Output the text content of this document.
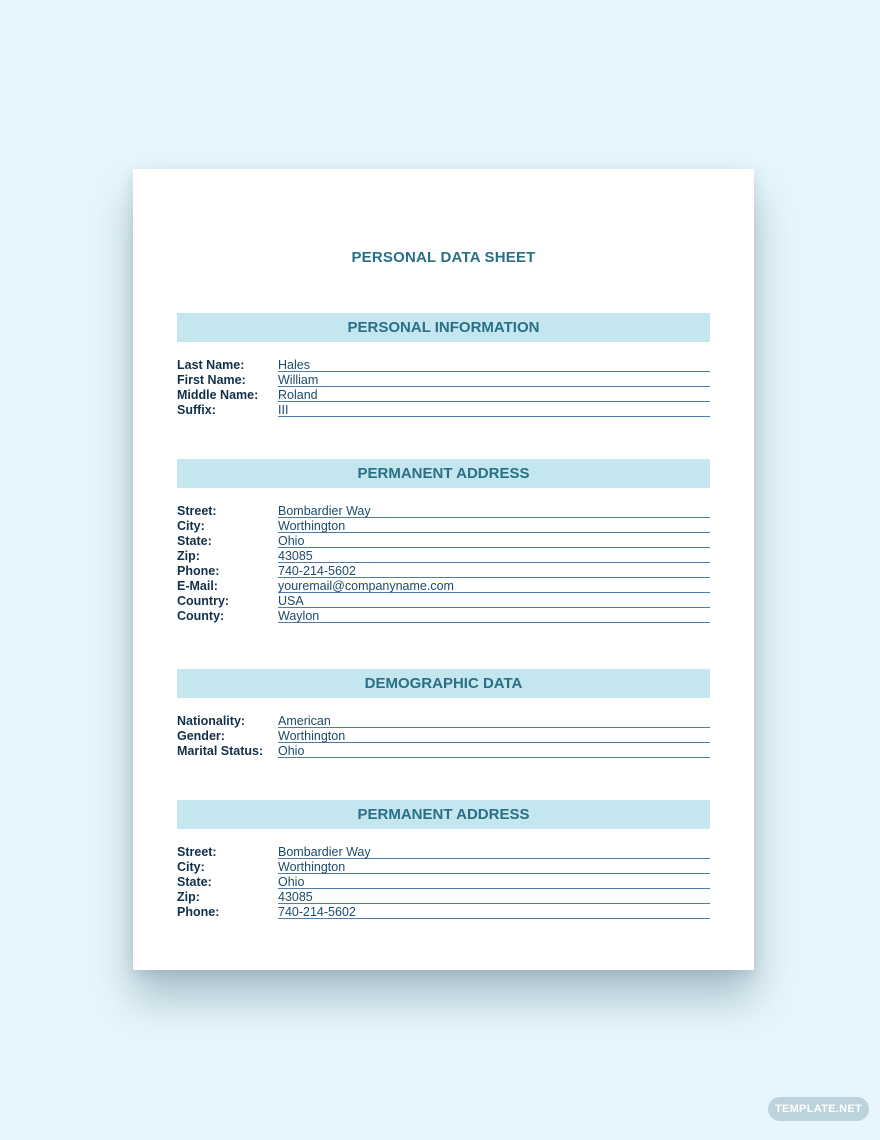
PERSONAL DATA SHEET
PERSONAL INFORMATION
Last Name:	Hales
First Name:	William
Middle Name: Roland
Suffix:	III
PERMANENT ADDRESS
Street:	Bombardier Way
City:	Worthington
State:	Ohio
Zip:	43085
Phone:	740-214-5602
E-Mail:	youremail@companyname.com
Country:	USA
County:	Waylon
DEMOGRAPHIC DATA
Nationality:	American
Gender:	Worthington
Marital Status: Ohio
PERMANENT ADDRESS
Street:	Bombardier Way
City:	Worthington
State:	Ohio
Zip:	43085
Phone:	740-214-5602
TEMPLATE.NET
